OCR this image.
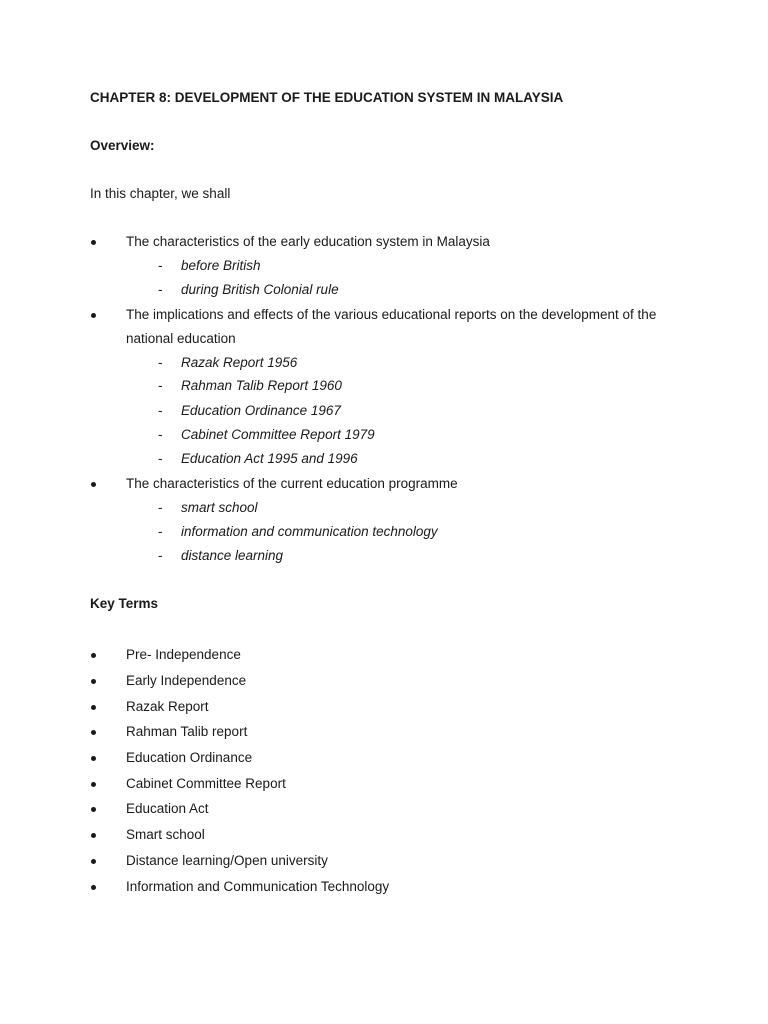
CHAPTER 8: DEVELOPMENT OF THE EDUCATION SYSTEM IN MALAYSIA
Overview:
In this chapter, we shall
The characteristics of the early education system in Malaysia
- before British
- during British Colonial rule
The implications and effects of the various educational reports on the development of the
national education
- Razak Report 1956
- Rahman Talib Report 1960
- Education Ordinance 1967
- Cabinet Committee Report 1979
- Education Act 1995 and 1996
The characteristics of the current education programme
- smart school
- information and communication technology
- distance learning
Key Terms
Pre- Independence
Early Independence
Razak Report
Rahman Talib report
Education Ordinance
Cabinet Committee Report
Education Act
Smart school
Distance learning/Open university
Information and Communication Technology
